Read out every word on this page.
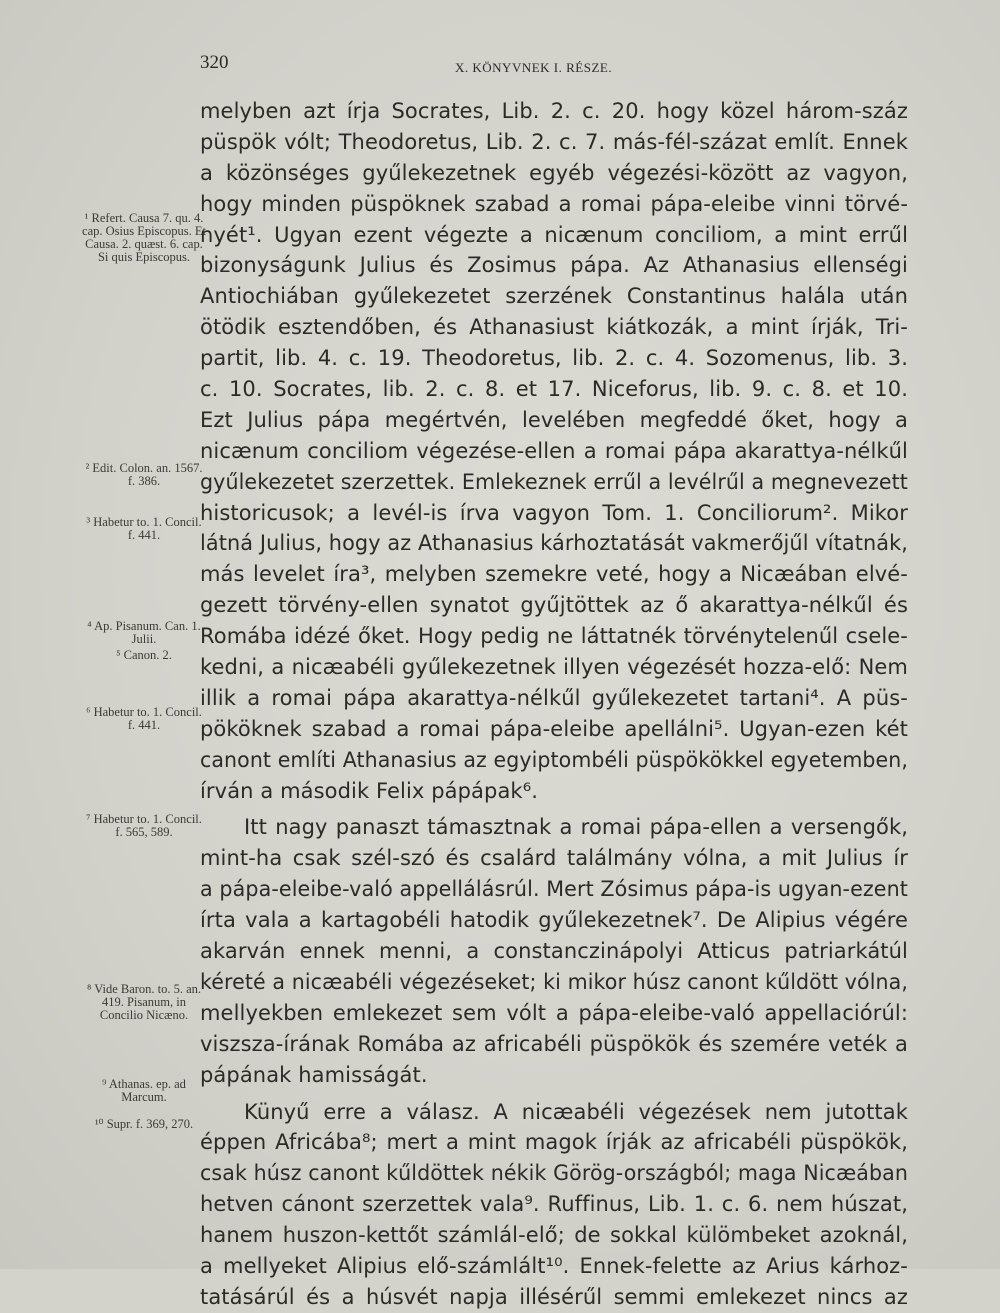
320	X. KÖNYVNEK I. RÉSZE.
melyben azt írja Socrates, Lib. 2. c. 20. hogy közel három-száz
püspök vólt; Theodoretus, Lib. 2. c. 7. más-fél-százat említ. Ennek
a közönséges gyűlekezetnek egyéb végezési-között az vagyon,
hogy minden püspöknek szabad a romai pápa-eleibe vinni törvé-
nyét¹. Ugyan ezent végezte a nicænum conciliom, a mint errűl
bizonyságunk Julius és Zosimus pápa. Az Athanasius ellenségi
Antiochiában gyűlekezetet szerzének Constantinus halála után
ötödik esztendőben, és Athanasiust kiátkozák, a mint írják, Tri-
partit, lib. 4. c. 19. Theodoretus, lib. 2. c. 4. Sozomenus, lib. 3.
c. 10. Socrates, lib. 2. c. 8. et 17. Niceforus, lib. 9. c. 8. et 10.
Ezt Julius pápa megértvén, levelében megfeddé őket, hogy a
nicænum conciliom végezése-ellen a romai pápa akarattya-nélkűl
gyűlekezetet szerzettek. Emlekeznek errűl a levélrűl a megnevezett
historicusok; a levél-is írva vagyon Tom. 1. Conciliorum². Mikor
látná Julius, hogy az Athanasius kárhoztatását vakmerőjűl vítatnák,
más levelet íra³, melyben szemekre veté, hogy a Nicæában elvé-
gezett törvény-ellen synatot gyűjtöttek az ő akarattya-nélkűl és
Romába idézé őket. Hogy pedig ne láttatnék törvénytelenűl csele-
kedni, a nicæabéli gyűlekezetnek illyen végezését hozza-elő: Nem
illik a romai pápa akarattya-nélkűl gyűlekezetet tartani⁴. A püs-
pököknek szabad a romai pápa-eleibe apellálni⁵. Ugyan-ezen két
canont említi Athanasius az egyiptombéli püspökökkel egyetemben,
írván a második Felix pápápak⁶.
Itt nagy panaszt támasztnak a romai pápa-ellen a versengők,
mint-ha csak szél-szó és csalárd találmány vólna, a mit Julius ír
a pápa-eleibe-való appellálásrúl. Mert Zósimus pápa-is ugyan-ezent
írta vala a kartagobéli hatodik gyűlekezetnek⁷. De Alipius végére
akarván ennek menni, a constanczinápolyi Atticus patriarkátúl
kéreté a nicæabéli végezéseket; ki mikor húsz canont kűldött vólna,
mellyekben emlekezet sem vólt a pápa-eleibe-való appellaciórúl:
viszsza-írának Romába az africabéli püspökök és szemére veték a
pápának hamisságát.
Künyű erre a válasz. A nicæabéli végezések nem jutottak
éppen Africába⁸; mert a mint magok írják az africabéli püspökök,
csak húsz canont kűldöttek nékik Görög-országból; maga Nicæában
hetven cánont szerzettek vala⁹. Ruffinus, Lib. 1. c. 6. nem húszat,
hanem huszon-kettőt számlál-elő; de sokkal külömbeket azoknál,
a mellyeket Alipius elő-számlált¹⁰. Ennek-felette az Arius kárhoz-
tatásárúl és a húsvét napja illésérűl semmi emlekezet nincs az
¹ Refert. Causa 7. qu. 4. cap. Osius Episcopus. Et Causa. 2. quæst. 6. cap. Si quis Episcopus.
² Edit. Colon. an. 1567. f. 386.
³ Habetur to. 1. Concil. f. 441.
⁴ Ap. Pisanum. Can. 1. Julii.
⁵ Canon. 2.
⁶ Habetur to. 1. Concil. f. 441.
⁷ Habetur to. 1. Concil. f. 565, 589.
⁸ Vide Baron. to. 5. an. 419. Pisanum, in Concilio Nicæno.
⁹ Athanas. ep. ad Marcum.
¹⁰ Supr. f. 369, 270.
